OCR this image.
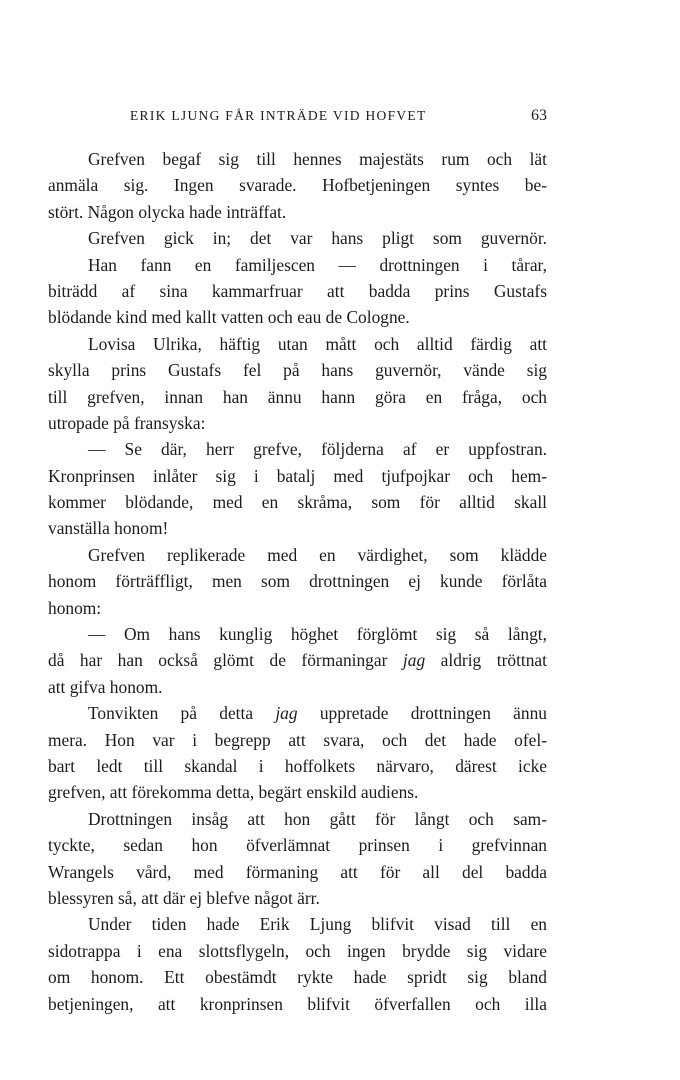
ERIK LJUNG FÅR INTRÄDE VID HOFVET	63
Grefven begaf sig till hennes majestäts rum och lät
anmäla sig. Ingen svarade. Hofbetjeningen syntes be-
stört. Någon olycka hade inträffat.
Grefven gick in; det var hans pligt som guvernör.
Han fann en familjescen — drottningen i tårar,
biträdd af sina kammarfruar att badda prins Gustafs
blödande kind med kallt vatten och eau de Cologne.
Lovisa Ulrika, häftig utan mått och alltid färdig att
skylla prins Gustafs fel på hans guvernör, vände sig
till grefven, innan han ännu hann göra en fråga, och
utropade på fransyska:
— Se där, herr grefve, följderna af er uppfostran.
Kronprinsen inlåter sig i batalj med tjufpojkar och hem-
kommer blödande, med en skråma, som för alltid skall
vanställa honom!
Grefven replikerade med en värdighet, som klädde
honom förträffligt, men som drottningen ej kunde förlåta
honom:
— Om hans kunglig höghet förglömt sig så långt,
då har han också glömt de förmaningar jag aldrig tröttnat
att gifva honom.
Tonvikten på detta jag uppretade drottningen ännu
mera. Hon var i begrepp att svara, och det hade ofel-
bart ledt till skandal i hoffolkets närvaro, därest icke
grefven, att förekomma detta, begärt enskild audiens.
Drottningen insåg att hon gått för långt och sam-
tyckte, sedan hon öfverlämnat prinsen i grefvinnan
Wrangels vård, med förmaning att för all del badda
blessyren så, att där ej blefve något ärr.
Under tiden hade Erik Ljung blifvit visad till en
sidotrappa i ena slottsflygeln, och ingen brydde sig vidare
om honom. Ett obestämdt rykte hade spridt sig bland
betjeningen, att kronprinsen blifvit öfverfallen och illa
